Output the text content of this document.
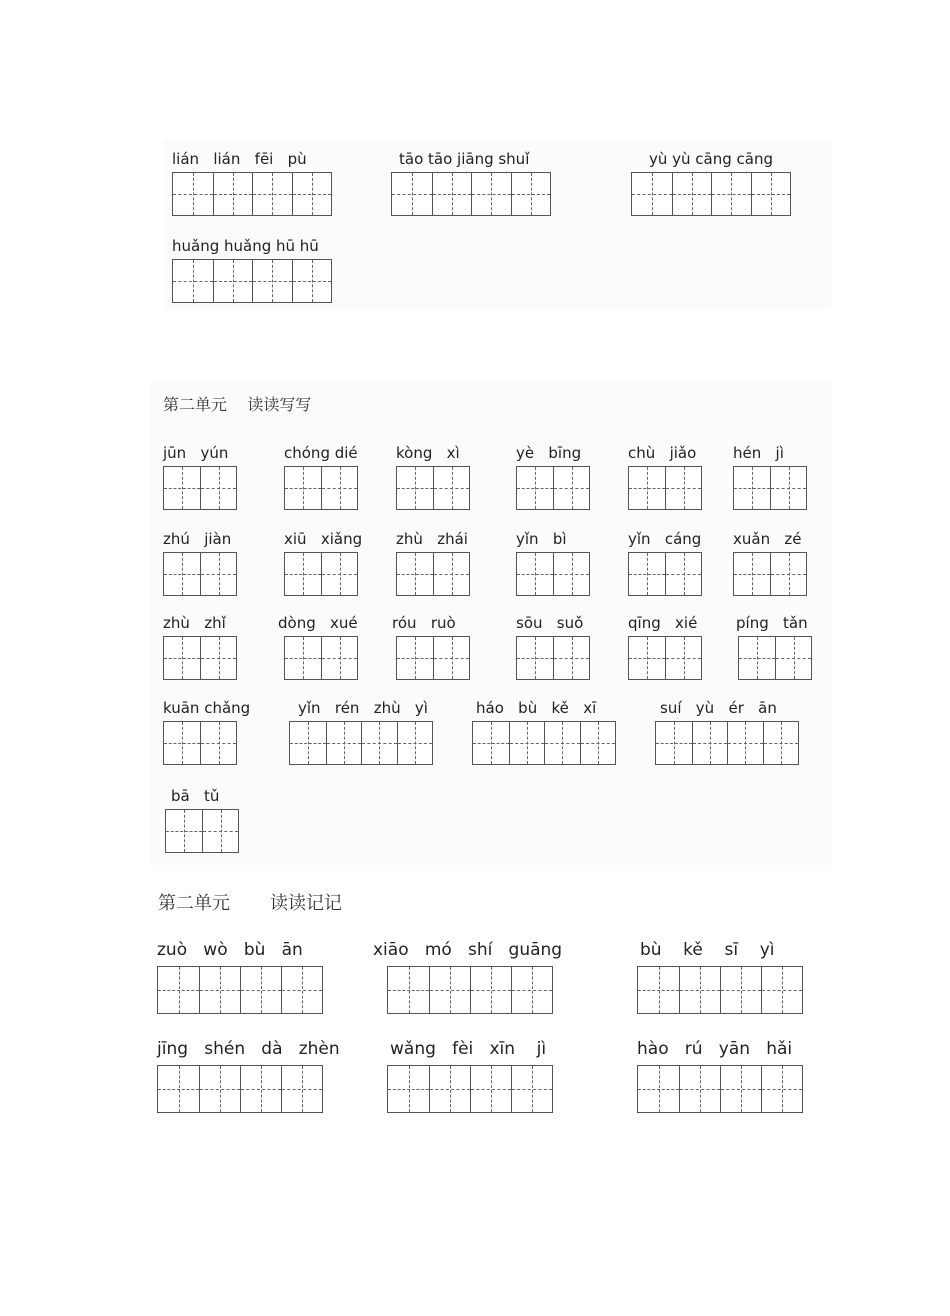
lián   lián   fēi   pù	tāo tāo jiāng shuǐ	yù yù cāng cāng
huǎng huǎng hū hū
第二单元    读读写写
jūn   yún	chóng dié	kòng   xì	yè   bīng	chù   jiǎo hén   jì
zhú   jiàn	xiū   xiǎng zhù   zhái	yǐn   bì	yǐn   cáng xuǎn   zé
zhù   zhǐ	dòng   xué róu   ruò	sōu   suǒ	qīng   xié	píng   tǎn
kuān chǎng	yǐn   rén   zhù   yì	háo   bù   kě   xī	suí   yù   ér   ān
bā   tǔ
第二单元       读读记记
zuò   wò   bù   ān	xiāo   mó   shí   guāng	bù    kě    sī    yì
jīng   shén   dà   zhèn	wǎng   fèi   xīn    jì	hào   rú   yān   hǎi
